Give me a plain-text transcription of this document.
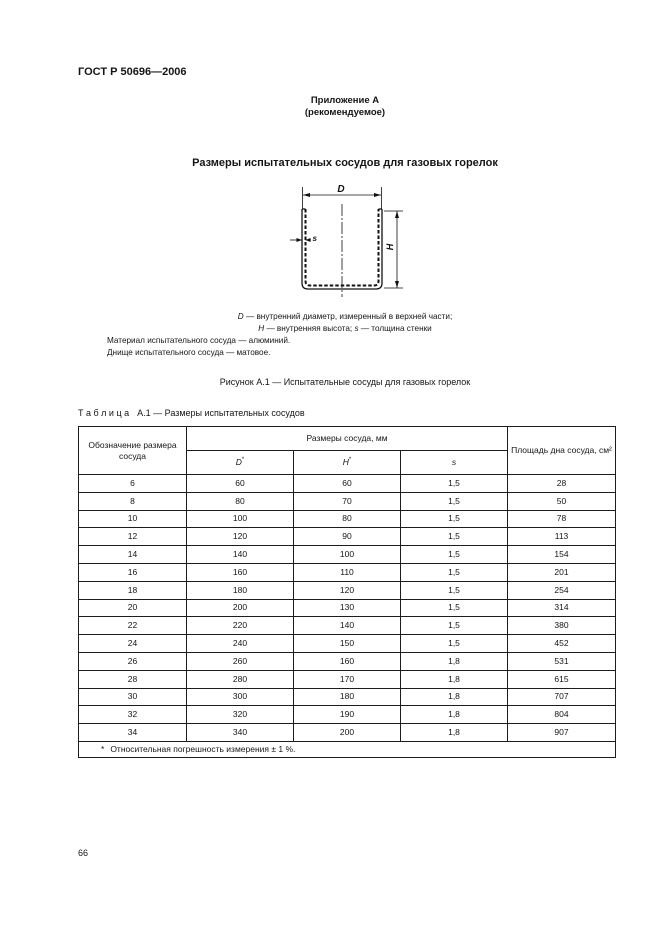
ГОСТ Р 50696—2006
Приложение А
(рекомендуемое)
Размеры испытательных сосудов для газовых горелок
D
H
s
D — внутренний диаметр, измеренный в верхней части;
H — внутренняя высота; s — толщина стенки
Материал испытательного сосуда — алюминий.
Днище испытательного сосуда — матовое.
Рисунок А.1 — Испытательные сосуды для газовых горелок
Т а б л и ц а А.1 — Размеры испытательных сосудов
Обозначение размера сосуда	Размеры сосуда, мм			Площадь дна сосуда, см²
	D*	H*	s	
6	60	60	1,5	28
8	80	70	1,5	50
10	100	80	1,5	78
12	120	90	1,5	113
14	140	100	1,5	154
16	160	110	1,5	201
18	180	120	1,5	254
20	200	130	1,5	314
22	220	140	1,5	380
24	240	150	1,5	452
26	260	160	1,8	531
28	280	170	1,8	615
30	300	180	1,8	707
32	320	190	1,8	804
34	340	200	1,8	907
* Относительная погрешность измерения ± 1 %.				
66
